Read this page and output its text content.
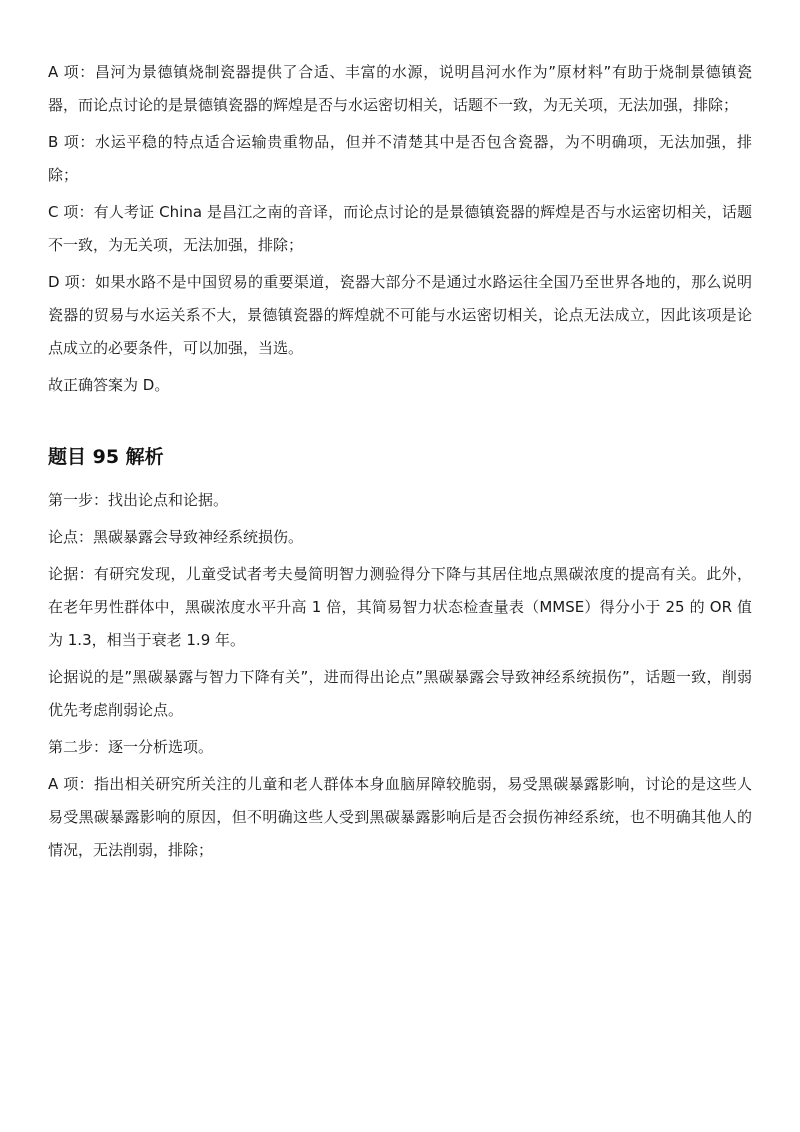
A 项：昌河为景德镇烧制瓷器提供了合适、丰富的水源，说明昌河水作为”原材料”有助于烧制景德镇瓷器，而论点讨论的是景德镇瓷器的辉煌是否与水运密切相关，话题不一致，为无关项，无法加强，排除；

B 项：水运平稳的特点适合运输贵重物品，但并不清楚其中是否包含瓷器，为不明确项，无法加强，排除；

C 项：有人考证 China 是昌江之南的音译，而论点讨论的是景德镇瓷器的辉煌是否与水运密切相关，话题不一致，为无关项，无法加强，排除；

D 项：如果水路不是中国贸易的重要渠道，瓷器大部分不是通过水路运往全国乃至世界各地的，那么说明瓷器的贸易与水运关系不大，景德镇瓷器的辉煌就不可能与水运密切相关，论点无法成立，因此该项是论点成立的必要条件，可以加强，当选。

故正确答案为 D。

题目 95 解析

第一步：找出论点和论据。

论点：黑碳暴露会导致神经系统损伤。

论据：有研究发现，儿童受试者考夫曼简明智力测验得分下降与其居住地点黑碳浓度的提高有关。此外，在老年男性群体中，黑碳浓度水平升高 1 倍，其简易智力状态检查量表（MMSE）得分小于 25 的 OR 值为 1.3，相当于衰老 1.9 年。

论据说的是”黑碳暴露与智力下降有关”，进而得出论点”黑碳暴露会导致神经系统损伤”，话题一致，削弱优先考虑削弱论点。

第二步：逐一分析选项。

A 项：指出相关研究所关注的儿童和老人群体本身血脑屏障较脆弱，易受黑碳暴露影响，讨论的是这些人易受黑碳暴露影响的原因，但不明确这些人受到黑碳暴露影响后是否会损伤神经系统，也不明确其他人的情况，无法削弱，排除；
